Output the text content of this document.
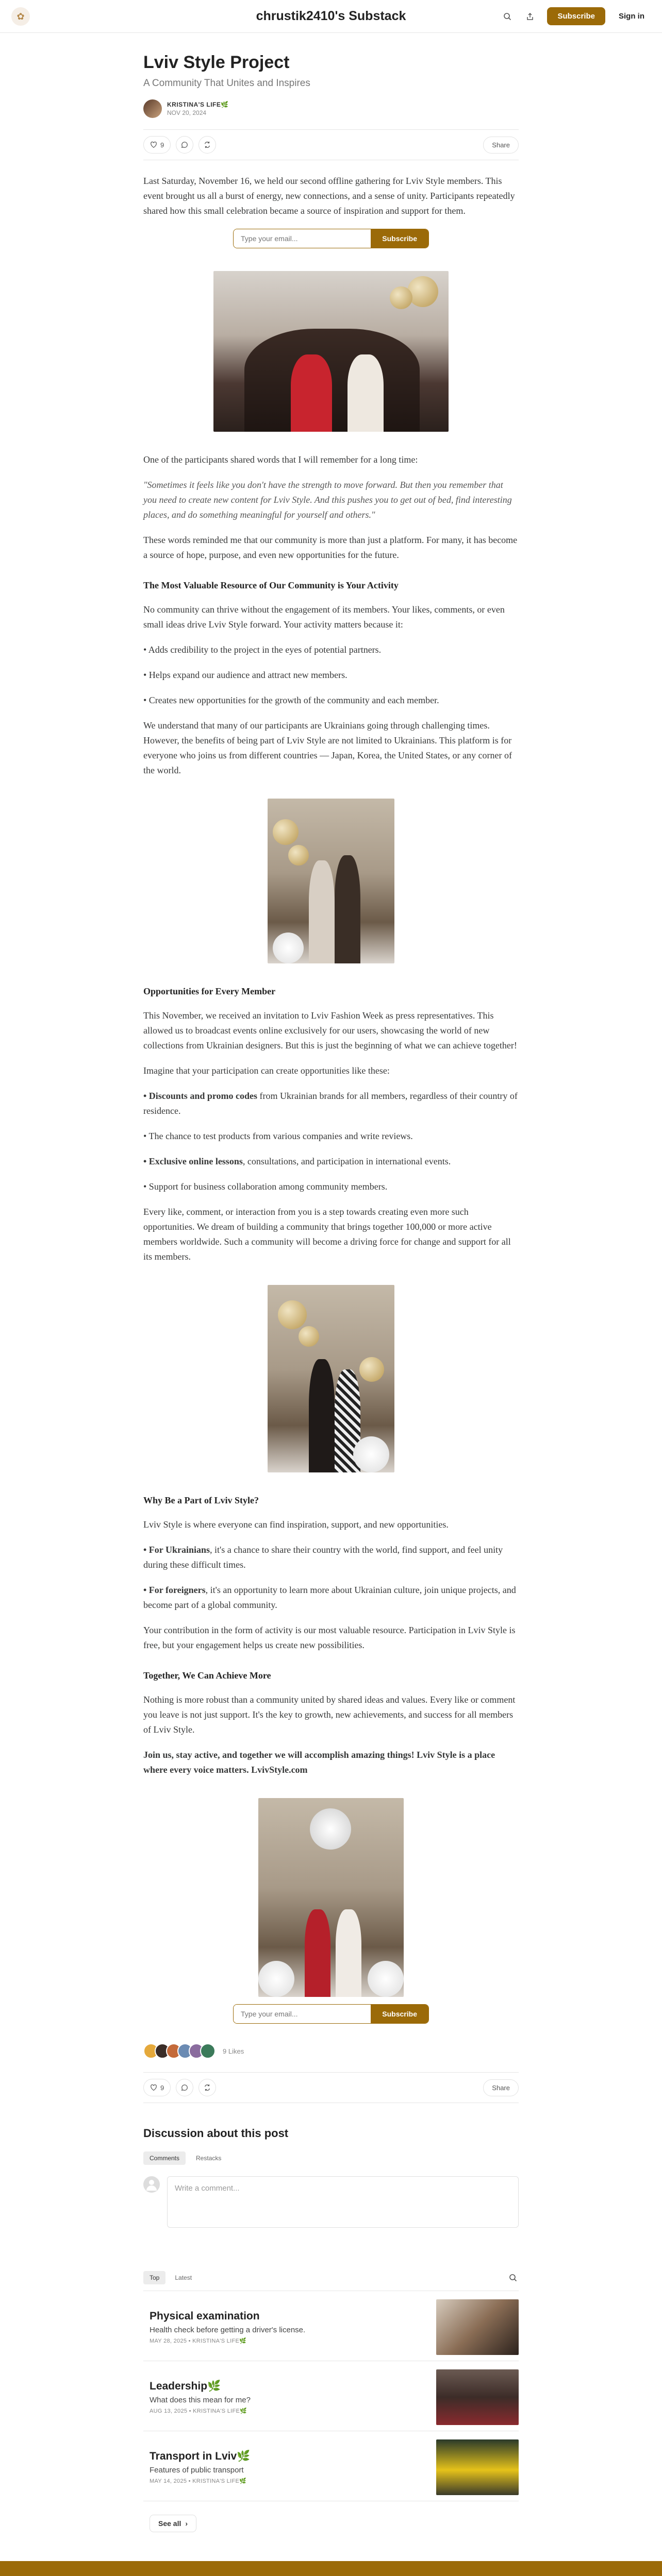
✿	chrustik2410's Substack	Subscribe	Sign in
Lviv Style Project
A Community That Unites and Inspires
KRISTINA'S LIFE🌿
NOV 20, 2024
9	Share

Last Saturday, November 16, we held our second offline gathering for Lviv Style members. This event brought us all a burst of energy, new connections, and a sense of unity. Participants repeatedly shared how this small celebration became a source of inspiration and support for them.

Type your email...
Subscribe

One of the participants shared words that I will remember for a long time:

"Sometimes it feels like you don't have the strength to move forward. But then you remember that you need to create new content for Lviv Style. And this pushes you to get out of bed, find interesting places, and do something meaningful for yourself and others."

These words reminded me that our community is more than just a platform. For many, it has become a source of hope, purpose, and even new opportunities for the future.

The Most Valuable Resource of Our Community is Your Activity

No community can thrive without the engagement of its members. Your likes, comments, or even small ideas drive Lviv Style forward. Your activity matters because it:

• Adds credibility to the project in the eyes of potential partners.
• Helps expand our audience and attract new members.
• Creates new opportunities for the growth of the community and each member.

We understand that many of our participants are Ukrainians going through challenging times. However, the benefits of being part of Lviv Style are not limited to Ukrainians. This platform is for everyone who joins us from different countries — Japan, Korea, the United States, or any corner of the world.

Opportunities for Every Member

This November, we received an invitation to Lviv Fashion Week as press representatives. This allowed us to broadcast events online exclusively for our users, showcasing the world of new collections from Ukrainian designers. But this is just the beginning of what we can achieve together!

Imagine that your participation can create opportunities like these:

• Discounts and promo codes from Ukrainian brands for all members, regardless of their country of residence.
• The chance to test products from various companies and write reviews.
• Exclusive online lessons, consultations, and participation in international events.
• Support for business collaboration among community members.

Every like, comment, or interaction from you is a step towards creating even more such opportunities. We dream of building a community that brings together 100,000 or more active members worldwide. Such a community will become a driving force for change and support for all its members.

Why Be a Part of Lviv Style?

Lviv Style is where everyone can find inspiration, support, and new opportunities.

• For Ukrainians, it's a chance to share their country with the world, find support, and feel unity during these difficult times.
• For foreigners, it's an opportunity to learn more about Ukrainian culture, join unique projects, and become part of a global community.

Your contribution in the form of activity is our most valuable resource. Participation in Lviv Style is free, but your engagement helps us create new possibilities.

Together, We Can Achieve More

Nothing is more robust than a community united by shared ideas and values. Every like or comment you leave is not just support. It's the key to growth, new achievements, and success for all members of Lviv Style.

Join us, stay active, and together we will accomplish amazing things! Lviv Style is a place where every voice matters. LvivStyle.com

Type your email...
Subscribe
9 Likes
9	Share
Discussion about this post
Comments	Restacks
Write a comment...
Top	Latest
Physical examination
Health check before getting a driver's license.
MAY 28, 2025 • KRISTINA'S LIFE🌿
Leadership🌿
What does this mean for me?
AUG 13, 2025 • KRISTINA'S LIFE🌿
Transport in Lviv🌿
Features of public transport
MAY 14, 2025 • KRISTINA'S LIFE🌿
See all ›
